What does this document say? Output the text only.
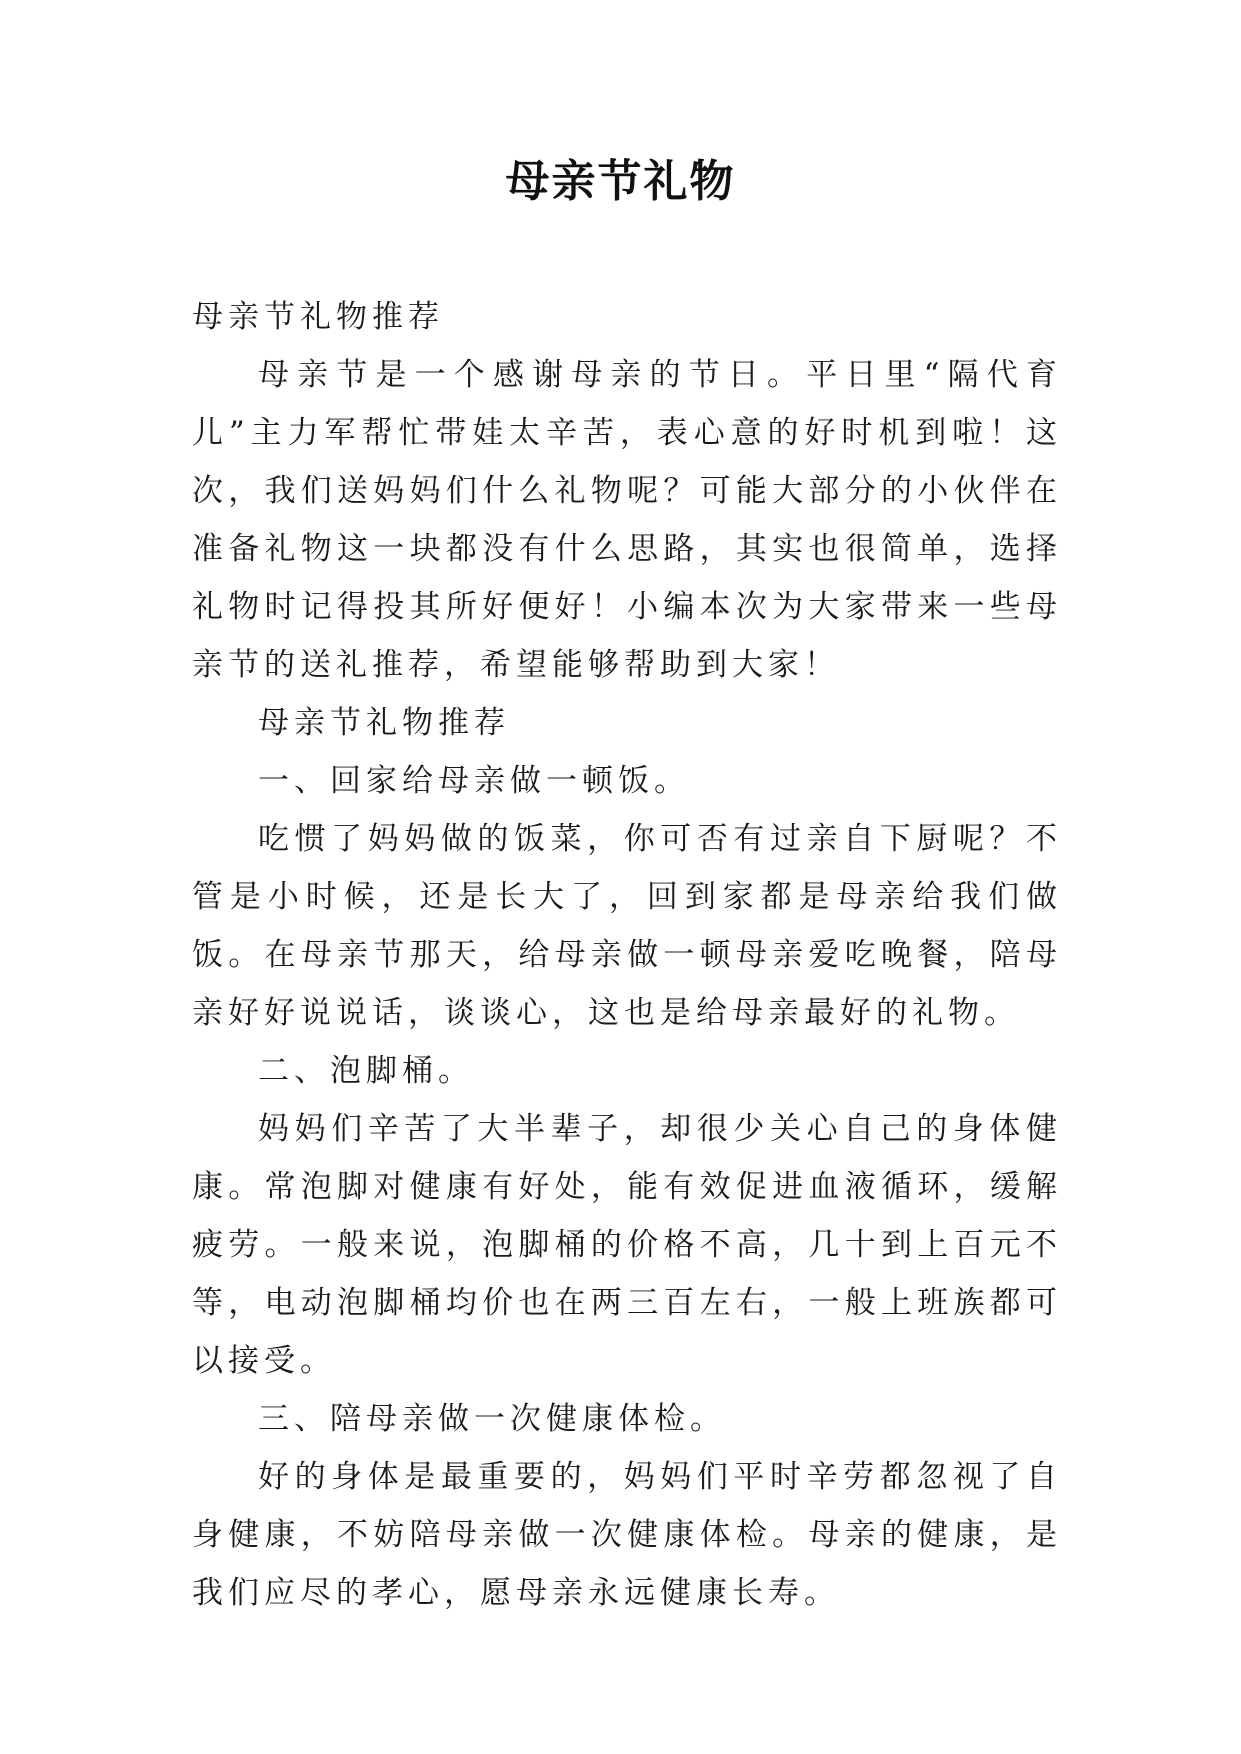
母亲节礼物

母亲节礼物推荐

母亲节是一个感谢母亲的节日。平日里“隔代育儿”主力军帮忙带娃太辛苦，表心意的好时机到啦！这次，我们送妈妈们什么礼物呢？可能大部分的小伙伴在准备礼物这一块都没有什么思路，其实也很简单，选择礼物时记得投其所好便好！小编本次为大家带来一些母亲节的送礼推荐，希望能够帮助到大家！

母亲节礼物推荐

一、回家给母亲做一顿饭。

吃惯了妈妈做的饭菜，你可否有过亲自下厨呢？不管是小时候，还是长大了，回到家都是母亲给我们做饭。在母亲节那天，给母亲做一顿母亲爱吃晚餐，陪母亲好好说说话，谈谈心，这也是给母亲最好的礼物。

二、泡脚桶。

妈妈们辛苦了大半辈子，却很少关心自己的身体健康。常泡脚对健康有好处，能有效促进血液循环，缓解疲劳。一般来说，泡脚桶的价格不高，几十到上百元不等，电动泡脚桶均价也在两三百左右，一般上班族都可以接受。

三、陪母亲做一次健康体检。

好的身体是最重要的，妈妈们平时辛劳都忽视了自身健康，不妨陪母亲做一次健康体检。母亲的健康，是我们应尽的孝心，愿母亲永远健康长寿。
